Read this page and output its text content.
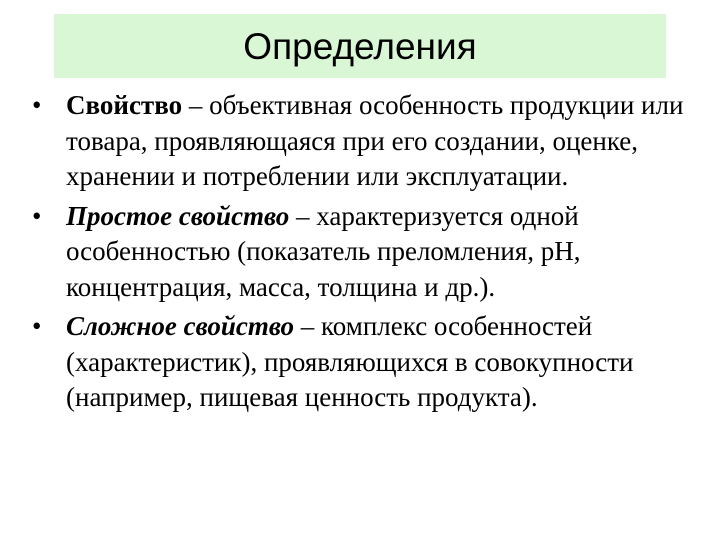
Определения
• Свойство – объективная особенность продукции или товара, проявляющаяся при его создании, оценке, хранении и потреблении или эксплуатации.
• Простое свойство – характеризуется одной особенностью (показатель преломления, pH, концентрация, масса, толщина и др.).
• Сложное свойство – комплекс особенностей (характеристик), проявляющихся в совокупности (например, пищевая ценность продукта).
